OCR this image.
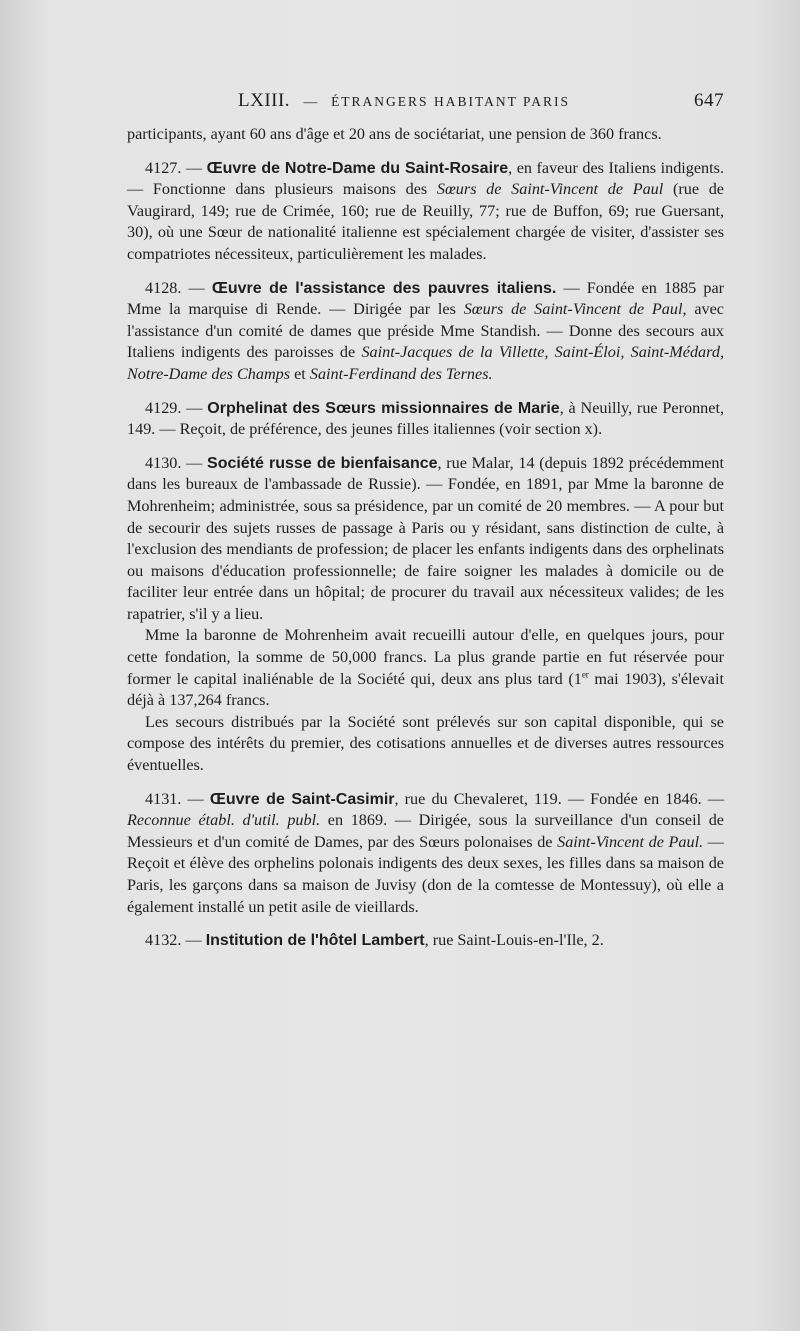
LXIII. — ÉTRANGERS HABITANT PARIS	647

participants, ayant 60 ans d'âge et 20 ans de sociétariat, une pension de 360 francs.

4127. — Œuvre de Notre-Dame du Saint-Rosaire, en faveur des Italiens indigents. — Fonctionne dans plusieurs maisons des Sœurs de Saint-Vincent de Paul (rue de Vaugirard, 149; rue de Crimée, 160; rue de Reuilly, 77; rue de Buffon, 69; rue Guersant, 30), où une Sœur de nationalité italienne est spécialement chargée de visiter, d'assister ses compatriotes nécessiteux, particulièrement les malades.

4128. — Œuvre de l'assistance des pauvres italiens. — Fondée en 1885 par Mme la marquise di Rende. — Dirigée par les Sœurs de Saint-Vincent de Paul, avec l'assistance d'un comité de dames que préside Mme Standish. — Donne des secours aux Italiens indigents des paroisses de Saint-Jacques de la Villette, Saint-Éloi, Saint-Médard, Notre-Dame des Champs et Saint-Ferdinand des Ternes.

4129. — Orphelinat des Sœurs missionnaires de Marie, à Neuilly, rue Peronnet, 149. — Reçoit, de préférence, des jeunes filles italiennes (voir section x).

4130. — Société russe de bienfaisance, rue Malar, 14 (depuis 1892 précédemment dans les bureaux de l'ambassade de Russie). — Fondée, en 1891, par Mme la baronne de Mohrenheim; administrée, sous sa présidence, par un comité de 20 membres. — A pour but de secourir des sujets russes de passage à Paris ou y résidant, sans distinction de culte, à l'exclusion des mendiants de profession; de placer les enfants indigents dans des orphelinats ou maisons d'éducation professionnelle; de faire soigner les malades à domicile ou de faciliter leur entrée dans un hôpital; de procurer du travail aux nécessiteux valides; de les rapatrier, s'il y a lieu.

Mme la baronne de Mohrenheim avait recueilli autour d'elle, en quelques jours, pour cette fondation, la somme de 50,000 francs. La plus grande partie en fut réservée pour former le capital inaliénable de la Société qui, deux ans plus tard (1er mai 1903), s'élevait déjà à 137,264 francs.

Les secours distribués par la Société sont prélevés sur son capital disponible, qui se compose des intérêts du premier, des cotisations annuelles et de diverses autres ressources éventuelles.

4131. — Œuvre de Saint-Casimir, rue du Chevaleret, 119. — Fondée en 1846. — Reconnue établ. d'util. publ. en 1869. — Dirigée, sous la surveillance d'un conseil de Messieurs et d'un comité de Dames, par des Sœurs polonaises de Saint-Vincent de Paul. — Reçoit et élève des orphelins polonais indigents des deux sexes, les filles dans sa maison de Paris, les garçons dans sa maison de Juvisy (don de la comtesse de Montessuy), où elle a également installé un petit asile de vieillards.

4132. — Institution de l'hôtel Lambert, rue Saint-Louis-en-l'Ile, 2.
